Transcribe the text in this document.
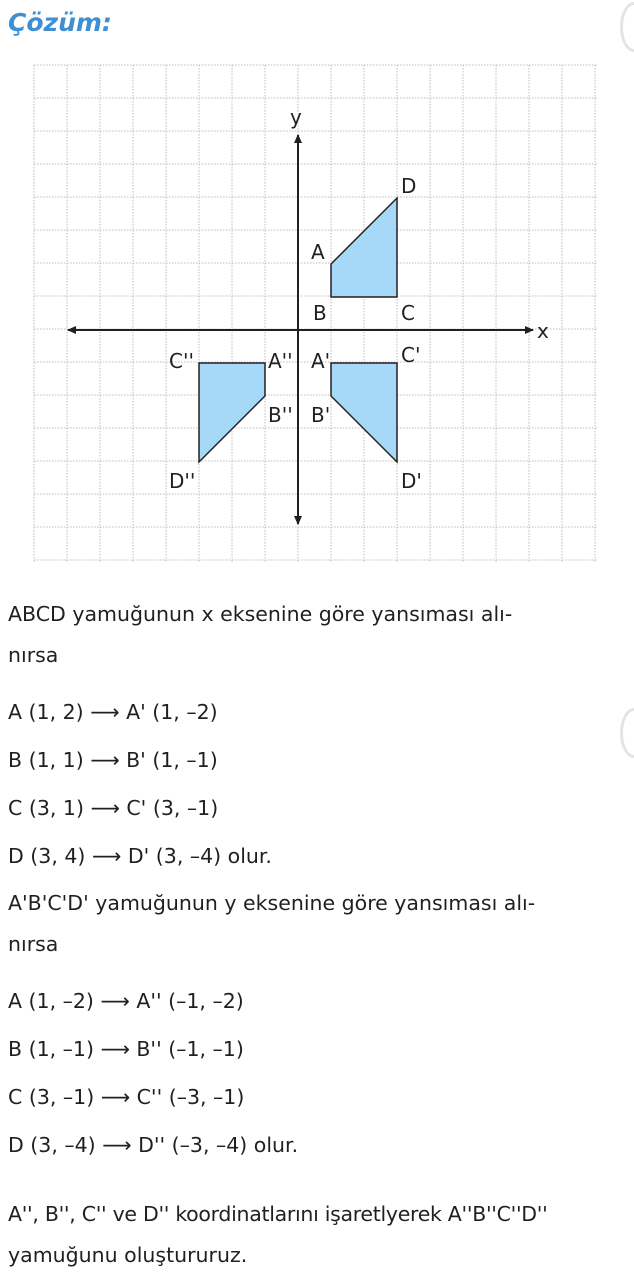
Çözüm:
x
y
A
B	C
D
A'
B'
C'
D'
A''
B''
C''
D''

ABCD yamuğunun x eksenine göre yansıması alı-

nırsa

A (1, 2) ⟶ A' (1, –2)

B (1, 1) ⟶ B' (1, –1)

C (3, 1) ⟶ C' (3, –1)

D (3, 4) ⟶ D' (3, –4) olur.

A'B'C'D' yamuğunun y eksenine göre yansıması alı-

nırsa

A (1, –2) ⟶ A'' (–1, –2)

B (1, –1) ⟶ B'' (–1, –1)

C (3, –1) ⟶ C'' (–3, –1)

D (3, –4) ⟶ D'' (–3, –4) olur.

A'', B'', C'' ve D'' koordinatlarını işaretlyerek A''B''C''D''

yamuğunu oluştururuz.
